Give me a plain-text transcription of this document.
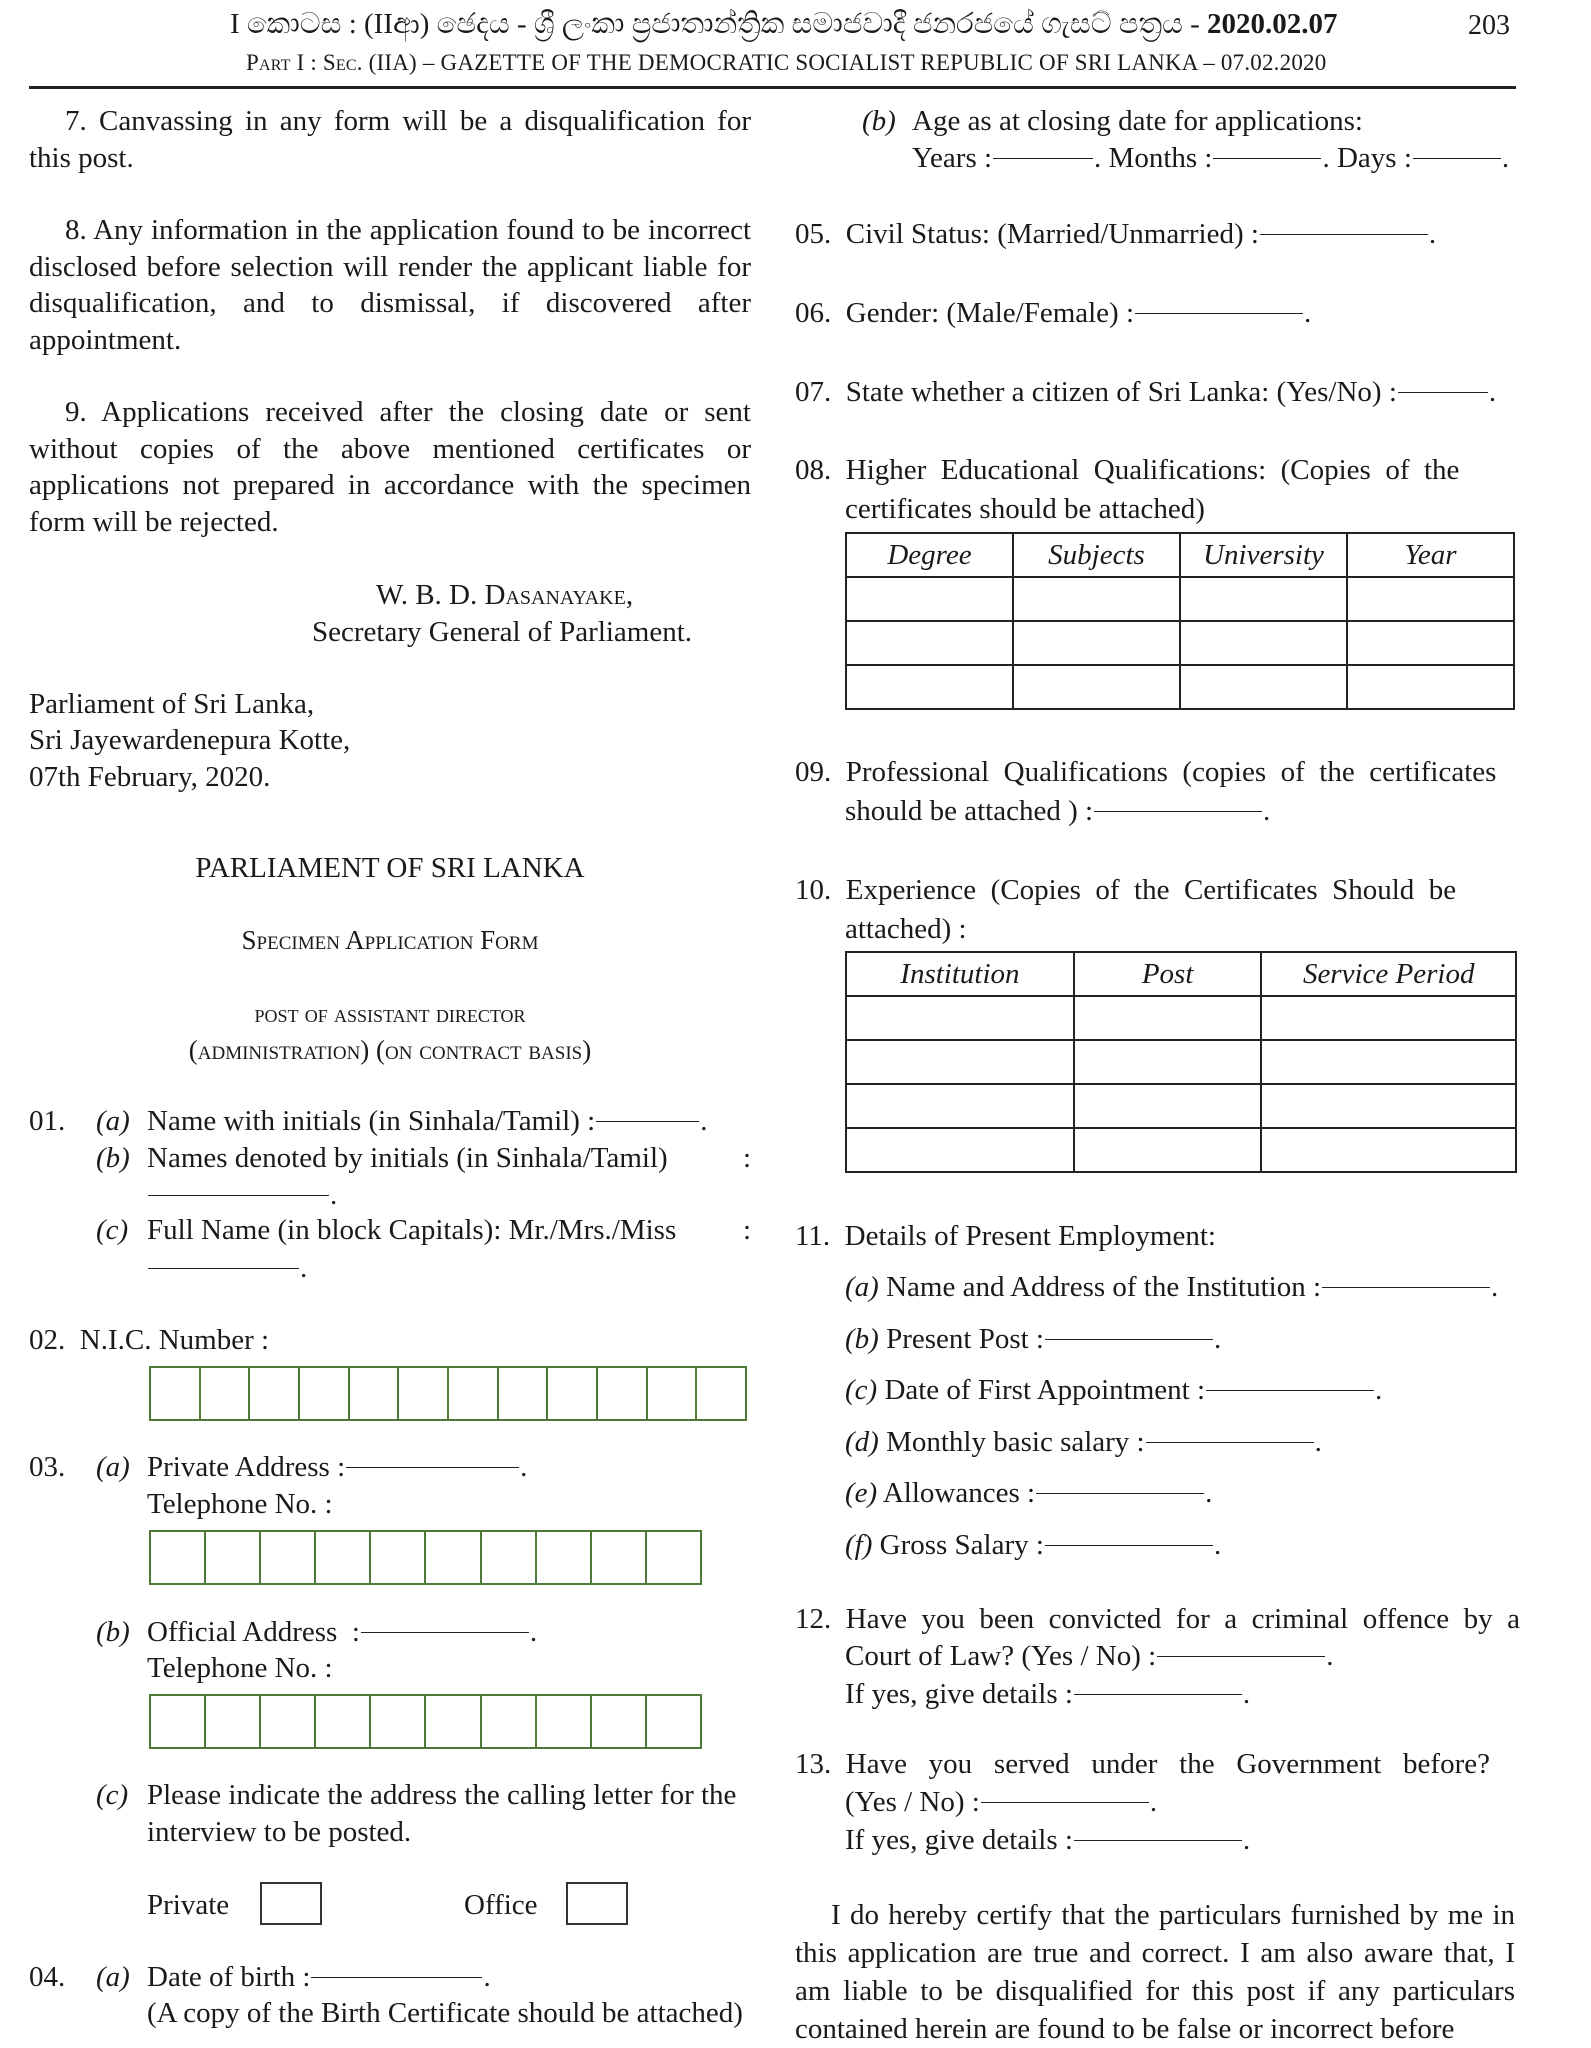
I කොටස : (IIආ) ඡෙදය - ශ්‍රී ලංකා ප්‍රජාතාන්ත්‍රික සමාජවාදී ජනරජයේ ගැසට් පත්‍රය - 2020.02.07	203
Part I : Sec. (IIA) – GAZETTE OF THE DEMOCRATIC SOCIALIST REPUBLIC OF SRI LANKA – 07.02.2020
7. Canvassing in any form will be a disqualification for this post.
8. Any information in the application found to be incorrect disclosed before selection will render the applicant liable for disqualification, and to dismissal, if discovered after appointment.
9. Applications received after the closing date or sent without copies of the above mentioned certificates or applications not prepared in accordance with the specimen form will be rejected.
W. B. D. Dasanayake,
Secretary General of Parliament.
Parliament of Sri Lanka,
Sri Jayewardenepura Kotte,
07th February, 2020.
PARLIAMENT OF SRI LANKA
Specimen Application Form
post of assistant director
(administration) (on contract basis)
01. (a) Name with initials (in Sinhala/Tamil) :	.
(b) Names denoted by initials (in Sinhala/Tamil)	:
.
(c) Full Name (in block Capitals): Mr./Mrs./Miss :
.
02.  N.I.C. Number :
03. (a) Private Address :	.
Telephone No. :
(b) Official Address  :	.
Telephone No. :
(c) Please indicate the address the calling letter for the
interview to be posted.
Private	Office
04. (a) Date of birth :	.
(A copy of the Birth Certificate should be attached)
(b) Age as at closing date for applications:
Years :	. Months :	. Days :	.
05.  Civil Status: (Married/Unmarried) :	.
06.  Gender: (Male/Female) :	.
07.  State whether a citizen of Sri Lanka: (Yes/No) :	.
08.  Higher  Educational  Qualifications:  (Copies  of  the
certificates should be attached)
Degree	Subjects	University	Year

09.  Professional  Qualifications  (copies  of  the  certificates
should be attached ) :	.
10.  Experience  (Copies  of  the  Certificates  Should  be
attached) :
Institution	Post	Service Period

11.  Details of Present Employment:
(a) Name and Address of the Institution :	.
(b) Present Post :	.
(c) Date of First Appointment :	.
(d) Monthly basic salary :	.
(e) Allowances :	.
(f) Gross Salary :	.
12.  Have  you  been  convicted  for  a  criminal  offence  by  a
Court of Law? (Yes / No) :	.
If yes, give details :	.
13.  Have   you   served   under   the   Government   before?
(Yes / No) :	.
If yes, give details :	.
I do hereby certify that the particulars furnished by me in this application are true and correct. I am also aware that, I am liable to be disqualified for this post if any particulars contained herein are found to be false or incorrect before
